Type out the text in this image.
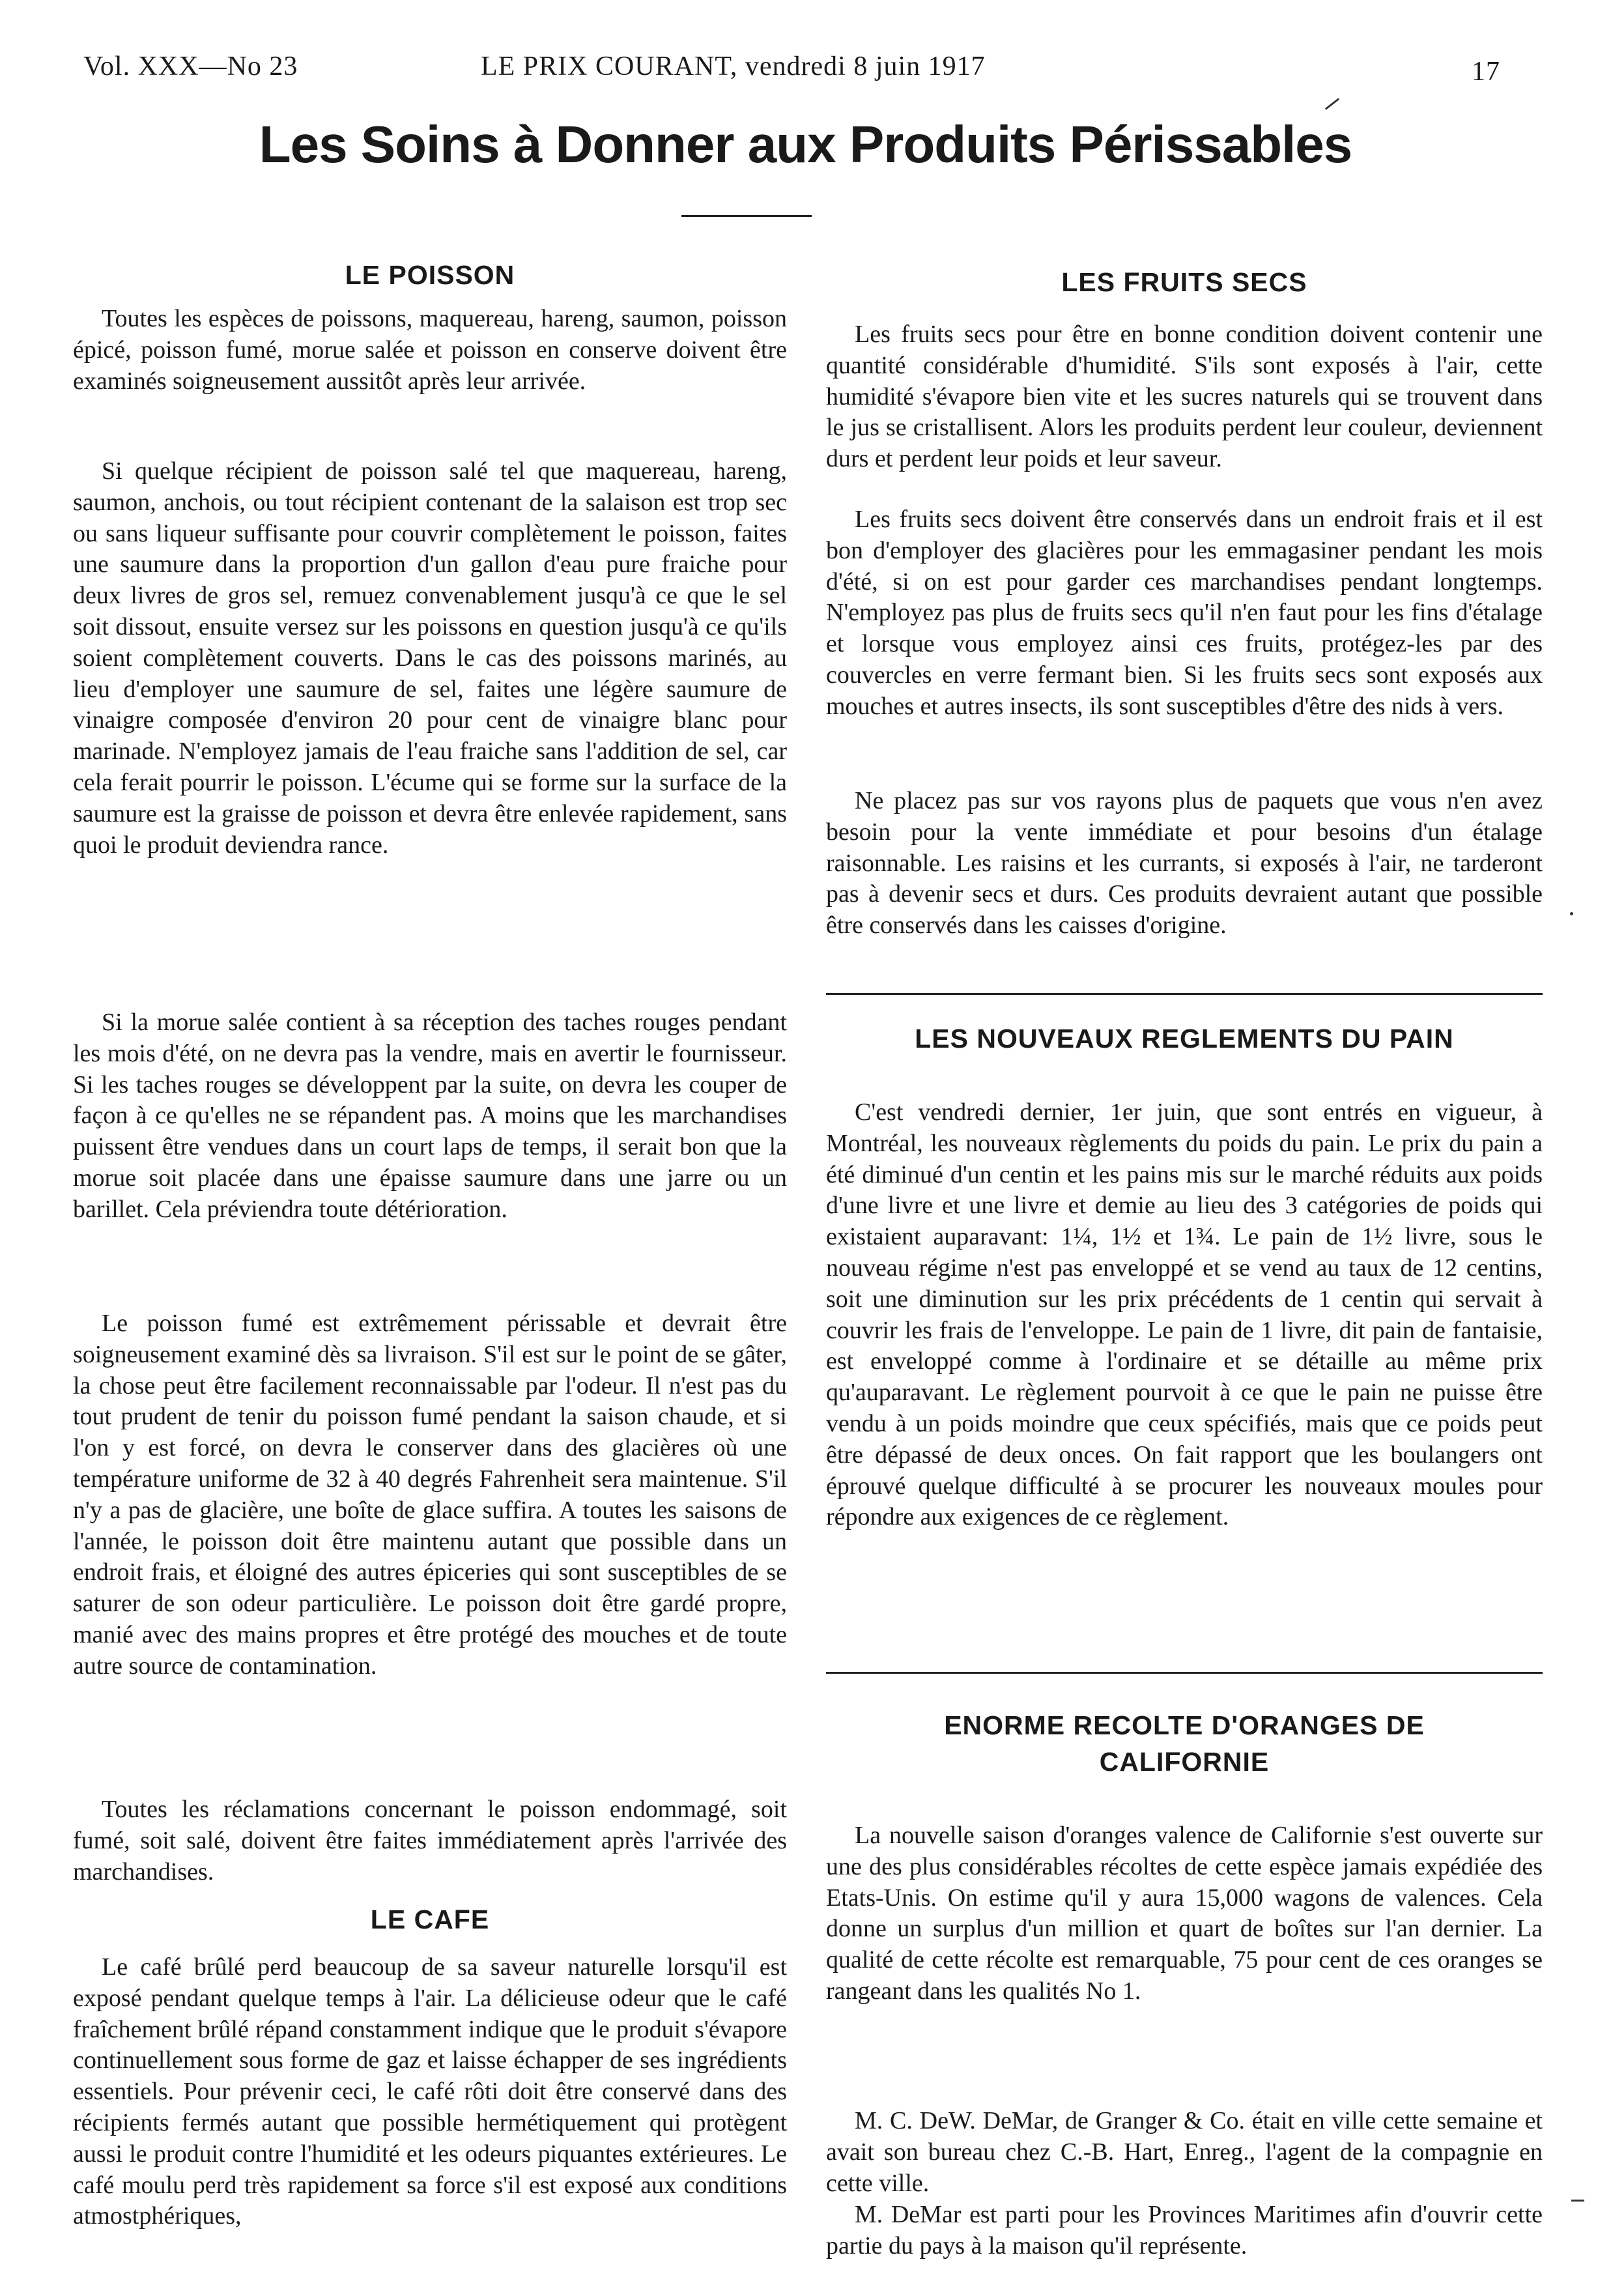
Vol. XXX—No 23	LE PRIX COURANT, vendredi 8 juin 1917	17
Les Soins à Donner aux Produits Périssables
LE POISSON

Toutes les espèces de poissons, maquereau, hareng, saumon, poisson épicé, poisson fumé, morue salée et poisson en conserve doivent être examinés soigneusement aussitôt après leur arrivée.

Si quelque récipient de poisson salé tel que maquereau, hareng, saumon, anchois, ou tout récipient contenant de la salaison est trop sec ou sans liqueur suffisante pour couvrir complètement le poisson, faites une saumure dans la proportion d'un gallon d'eau pure fraiche pour deux livres de gros sel, remuez convenablement jusqu'à ce que le sel soit dissout, ensuite versez sur les poissons en question jusqu'à ce qu'ils soient complètement couverts. Dans le cas des poissons marinés, au lieu d'employer une saumure de sel, faites une légère saumure de vinaigre composée d'environ 20 pour cent de vinaigre blanc pour marinade. N'employez jamais de l'eau fraiche sans l'addition de sel, car cela ferait pourrir le poisson. L'écume qui se forme sur la surface de la saumure est la graisse de poisson et devra être enlevée rapidement, sans quoi le produit deviendra rance.

Si la morue salée contient à sa réception des taches rouges pendant les mois d'été, on ne devra pas la vendre, mais en avertir le fournisseur. Si les taches rouges se développent par la suite, on devra les couper de façon à ce qu'elles ne se répandent pas. A moins que les marchandises puissent être vendues dans un court laps de temps, il serait bon que la morue soit placée dans une épaisse saumure dans une jarre ou un barillet. Cela préviendra toute détérioration.

Le poisson fumé est extrêmement périssable et devrait être soigneusement examiné dès sa livraison. S'il est sur le point de se gâter, la chose peut être facilement reconnaissable par l'odeur. Il n'est pas du tout prudent de tenir du poisson fumé pendant la saison chaude, et si l'on y est forcé, on devra le conserver dans des glacières où une température uniforme de 32 à 40 degrés Fahrenheit sera maintenue. S'il n'y a pas de glacière, une boîte de glace suffira. A toutes les saisons de l'année, le poisson doit être maintenu autant que possible dans un endroit frais, et éloigné des autres épiceries qui sont susceptibles de se saturer de son odeur particulière. Le poisson doit être gardé propre, manié avec des mains propres et être protégé des mouches et de toute autre source de contamination.

Toutes les réclamations concernant le poisson endommagé, soit fumé, soit salé, doivent être faites immédiatement après l'arrivée des marchandises.

LE CAFE

Le café brûlé perd beaucoup de sa saveur naturelle lorsqu'il est exposé pendant quelque temps à l'air. La délicieuse odeur que le café fraîchement brûlé répand constamment indique que le produit s'évapore continuellement sous forme de gaz et laisse échapper de ses ingrédients essentiels. Pour prévenir ceci, le café rôti doit être conservé dans des récipients fermés autant que possible hermétiquement qui protègent aussi le produit contre l'humidité et les odeurs piquantes extérieures. Le café moulu perd très rapidement sa force s'il est exposé aux conditions atmostphériques,

LES FRUITS SECS

Les fruits secs pour être en bonne condition doivent contenir une quantité considérable d'humidité. S'ils sont exposés à l'air, cette humidité s'évapore bien vite et les sucres naturels qui se trouvent dans le jus se cristallisent. Alors les produits perdent leur couleur, deviennent durs et perdent leur poids et leur saveur.

Les fruits secs doivent être conservés dans un endroit frais et il est bon d'employer des glacières pour les emmagasiner pendant les mois d'été, si on est pour garder ces marchandises pendant longtemps. N'employez pas plus de fruits secs qu'il n'en faut pour les fins d'étalage et lorsque vous employez ainsi ces fruits, protégez-les par des couvercles en verre fermant bien. Si les fruits secs sont exposés aux mouches et autres insects, ils sont susceptibles d'être des nids à vers.

Ne placez pas sur vos rayons plus de paquets que vous n'en avez besoin pour la vente immédiate et pour besoins d'un étalage raisonnable. Les raisins et les currants, si exposés à l'air, ne tarderont pas à devenir secs et durs. Ces produits devraient autant que possible être conservés dans les caisses d'origine.

LES NOUVEAUX REGLEMENTS DU PAIN

C'est vendredi dernier, 1er juin, que sont entrés en vigueur, à Montréal, les nouveaux règlements du poids du pain. Le prix du pain a été diminué d'un centin et les pains mis sur le marché réduits aux poids d'une livre et une livre et demie au lieu des 3 catégories de poids qui existaient auparavant: 1¼, 1½ et 1¾. Le pain de 1½ livre, sous le nouveau régime n'est pas enveloppé et se vend au taux de 12 centins, soit une diminution sur les prix précédents de 1 centin qui servait à couvrir les frais de l'enveloppe. Le pain de 1 livre, dit pain de fantaisie, est enveloppé comme à l'ordinaire et se détaille au même prix qu'auparavant. Le règlement pourvoit à ce que le pain ne puisse être vendu à un poids moindre que ceux spécifiés, mais que ce poids peut être dépassé de deux onces. On fait rapport que les boulangers ont éprouvé quelque difficulté à se procurer les nouveaux moules pour répondre aux exigences de ce règlement.

ENORME RECOLTE D'ORANGES DE CALIFORNIE

La nouvelle saison d'oranges valence de Californie s'est ouverte sur une des plus considérables récoltes de cette espèce jamais expédiée des Etats-Unis. On estime qu'il y aura 15,000 wagons de valences. Cela donne un surplus d'un million et quart de boîtes sur l'an dernier. La qualité de cette récolte est remarquable, 75 pour cent de ces oranges se rangeant dans les qualités No 1.

M. C. DeW. DeMar, de Granger & Co. était en ville cette semaine et avait son bureau chez C.-B. Hart, Enreg., l'agent de la compagnie en cette ville.

M. DeMar est parti pour les Provinces Maritimes afin d'ouvrir cette partie du pays à la maison qu'il représente.
